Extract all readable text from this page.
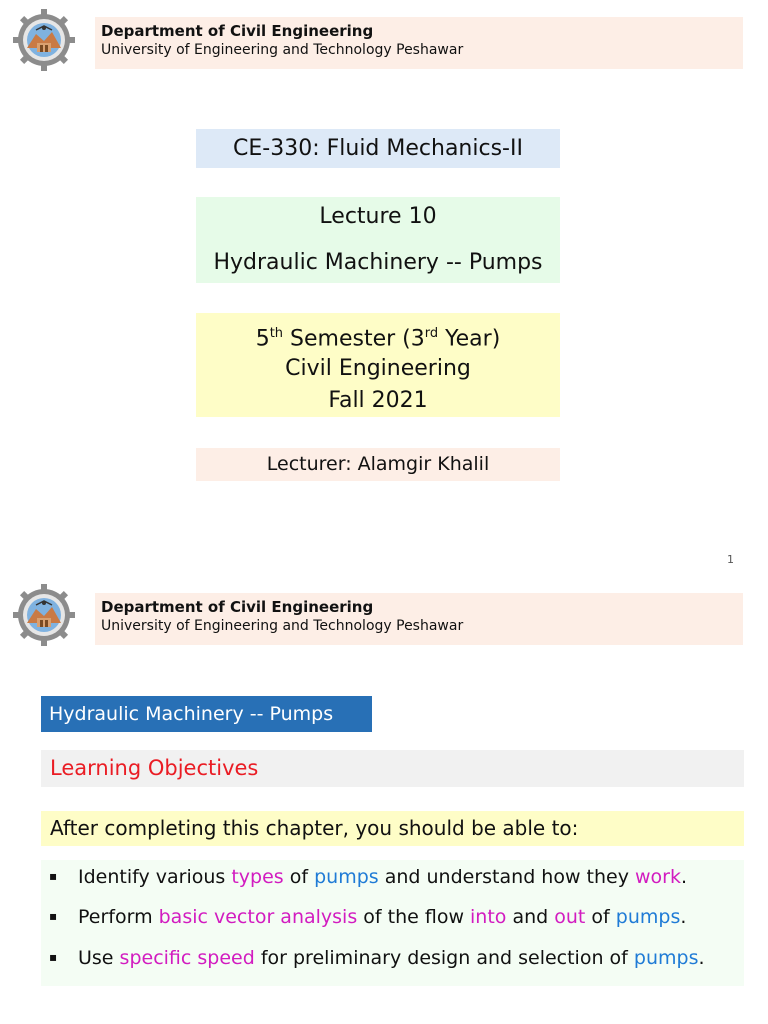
Department of Civil Engineering
University of Engineering and Technology Peshawar
CE-330: Fluid Mechanics-II
Lecture 10
Hydraulic Machinery -- Pumps
5th Semester (3rd Year)
Civil Engineering
Fall 2021
Lecturer: Alamgir Khalil
1
Department of Civil Engineering
University of Engineering and Technology Peshawar
Hydraulic Machinery -- Pumps
Learning Objectives
After completing this chapter, you should be able to:
▪ Identify various types of pumps and understand how they work.
▪ Perform basic vector analysis of the flow into and out of pumps.
▪ Use specific speed for preliminary design and selection of pumps.
